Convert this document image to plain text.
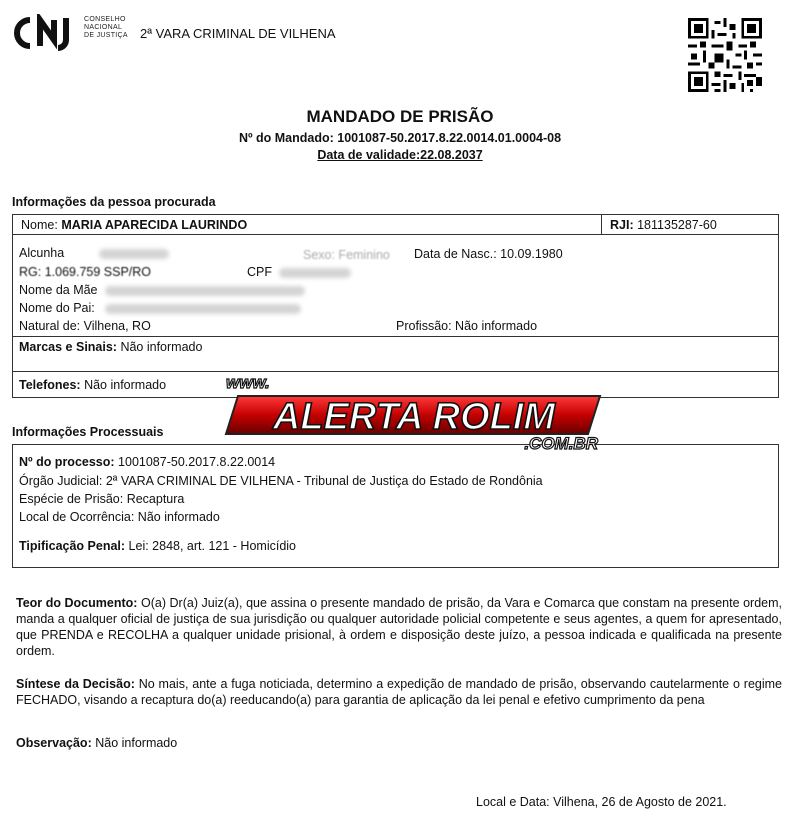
CONSELHO
NACIONAL
DE JUSTIÇA 2ª VARA CRIMINAL DE VILHENA
MANDADO DE PRISÃO
Nº do Mandado: 1001087-50.2017.8.22.0014.01.0004-08
Data de validade:22.08.2037
Informações da pessoa procurada
Nome: MARIA APARECIDA LAURINDO	RJI: 181135287-60
Alcunha	Sexo: Feminino Data de Nasc.: 10.09.1980
RG: 1.069.759 SSP/RO	CPF
Nome da Mãe
Nome do Pai:
Natural de: Vilhena, RO	Profissão: Não informado
Marcas e Sinais: Não informado
Telefones: Não informado
Informações Processuais
Nº do processo: 1001087-50.2017.8.22.0014
Órgão Judicial: 2ª VARA CRIMINAL DE VILHENA - Tribunal de Justiça do Estado de Rondônia
Espécie de Prisão: Recaptura
Local de Ocorrência: Não informado
Tipificação Penal: Lei: 2848, art. 121 - Homicídio
Teor do Documento: O(a) Dr(a) Juiz(a), que assina o presente mandado de prisão, da Vara e Comarca que constam na presente ordem, manda a qualquer oficial de justiça de sua jurisdição ou qualquer autoridade policial competente e seus agentes, a quem for apresentado, que PRENDA e RECOLHA a qualquer unidade prisional, à ordem e disposição deste juízo, a pessoa indicada e qualificada na presente ordem.
Síntese da Decisão: No mais, ante a fuga noticiada, determino a expedição de mandado de prisão, observando cautelarmente o regime FECHADO, visando a recaptura do(a) reeducando(a) para garantia de aplicação da lei penal e efetivo cumprimento da pena
Observação: Não informado
Local e Data: Vilhena, 26 de Agosto de 2021.
www.
ALERTA ROLIM
.COM.BR
